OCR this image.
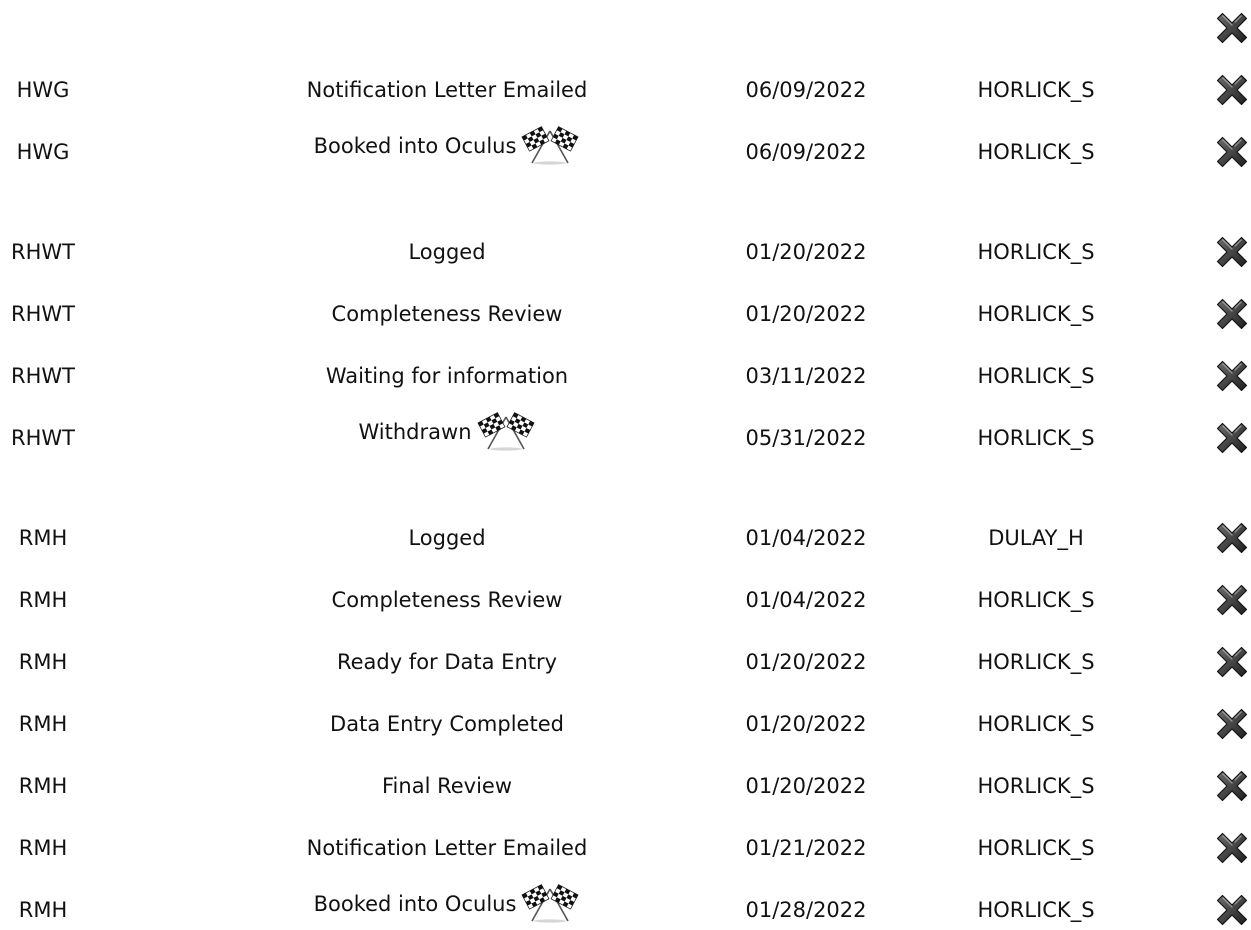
HWG	Notification Letter Emailed	06/09/2022	HORLICK_S
HWG	Booked into Oculus	06/09/2022	HORLICK_S
RHWT	Logged	01/20/2022	HORLICK_S
RHWT	Completeness Review	01/20/2022	HORLICK_S
RHWT	Waiting for information	03/11/2022	HORLICK_S
RHWT	Withdrawn	05/31/2022	HORLICK_S
RMH	Logged	01/04/2022	DULAY_H
RMH	Completeness Review	01/04/2022	HORLICK_S
RMH	Ready for Data Entry	01/20/2022	HORLICK_S
RMH	Data Entry Completed	01/20/2022	HORLICK_S
RMH	Final Review	01/20/2022	HORLICK_S
RMH	Notification Letter Emailed	01/21/2022	HORLICK_S
RMH	Booked into Oculus	01/28/2022	HORLICK_S
